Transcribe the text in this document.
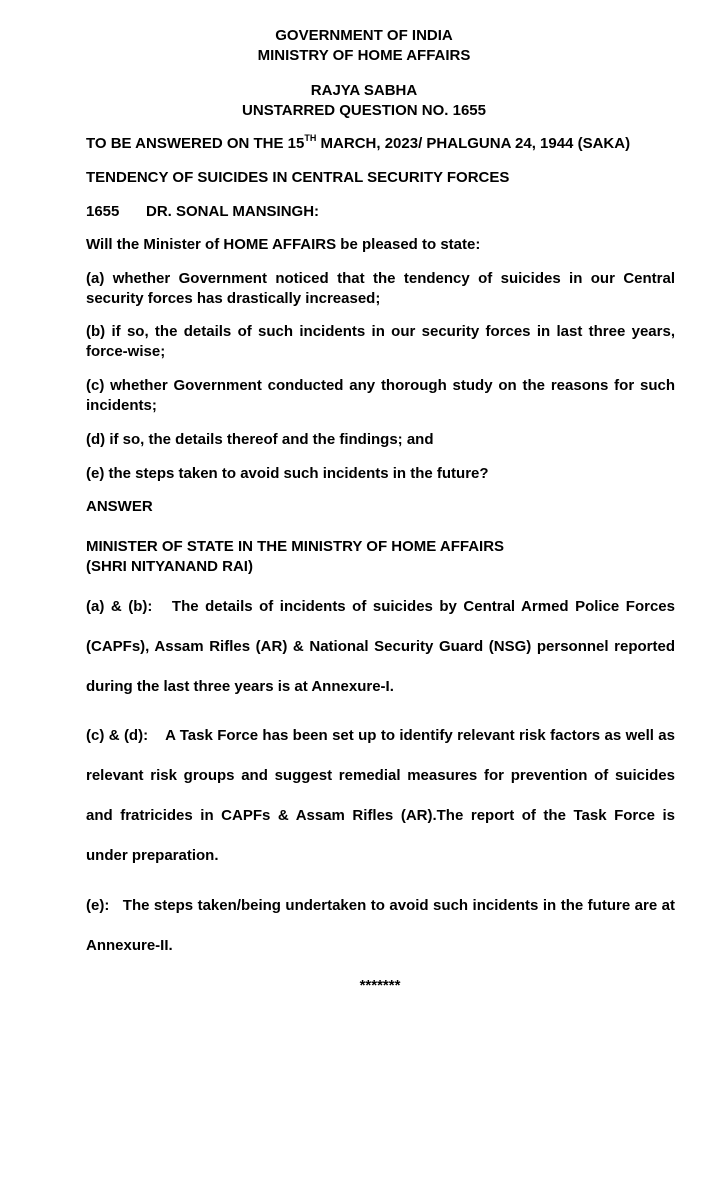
GOVERNMENT OF INDIA
MINISTRY OF HOME AFFAIRS
RAJYA SABHA
UNSTARRED QUESTION NO. 1655
TO BE ANSWERED ON THE 15TH MARCH, 2023/ PHALGUNA 24, 1944 (SAKA)
TENDENCY OF SUICIDES IN CENTRAL SECURITY FORCES
1655 DR. SONAL MANSINGH:
Will the Minister of HOME AFFAIRS be pleased to state:
(a) whether Government noticed that the tendency of suicides in our Central security forces has drastically increased;
(b) if so, the details of such incidents in our security forces in last three years, force-wise;
(c) whether Government conducted any thorough study on the reasons for such incidents;
(d) if so, the details thereof and the findings; and
(e) the steps taken to avoid such incidents in the future?
ANSWER
MINISTER OF STATE IN THE MINISTRY OF HOME AFFAIRS
(SHRI NITYANAND RAI)
(a) & (b):   The details of incidents of suicides by Central Armed Police Forces (CAPFs), Assam Rifles (AR) & National Security Guard (NSG) personnel reported during the last three years is at Annexure-I.
(c) & (d):    A Task Force has been set up to identify relevant risk factors as well as relevant risk groups and suggest remedial measures for prevention of suicides and fratricides in CAPFs & Assam Rifles (AR).The report of the Task Force is under preparation.
(e):   The steps taken/being undertaken to avoid such incidents in the future are at Annexure-II.
*******
